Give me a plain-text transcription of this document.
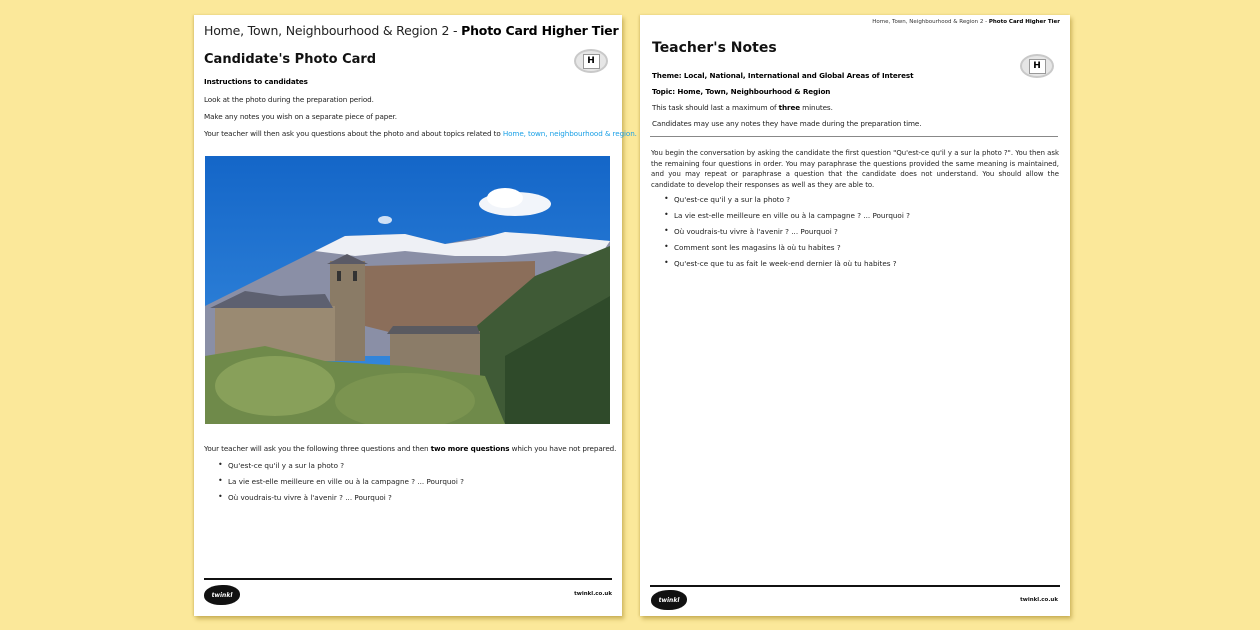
Home, Town, Neighbourhood & Region 2 - Photo Card Higher Tier
Candidate's Photo Card	H
Instructions to candidates
Look at the photo during the preparation period.
Make any notes you wish on a separate piece of paper.
Your teacher will then ask you questions about the photo and about topics related to Home, town, neighbourhood & region.
Your teacher will ask you the following three questions and then two more questions which you have not prepared.
• Qu'est-ce qu'il y a sur la photo ?
• La vie est-elle meilleure en ville ou à la campagne ? ... Pourquoi ?
• Où voudrais-tu vivre à l'avenir ? ... Pourquoi ?
twinkl	twinkl.co.uk
Home, Town, Neighbourhood & Region 2 - Photo Card Higher Tier
Teacher's Notes
H
Theme: Local, National, International and Global Areas of Interest
Topic: Home, Town, Neighbourhood & Region
This task should last a maximum of three minutes.
Candidates may use any notes they have made during the preparation time.
You begin the conversation by asking the candidate the first question "Qu'est-ce qu'il y a sur la photo ?". You then ask the remaining four questions in order. You may paraphrase the questions provided the same meaning is maintained, and you may repeat or paraphrase a question that the candidate does not understand. You should allow the candidate to develop their responses as well as they are able to.
• Qu'est-ce qu'il y a sur la photo ?
• La vie est-elle meilleure en ville ou à la campagne ? ... Pourquoi ?
• Où voudrais-tu vivre à l'avenir ? ... Pourquoi ?
• Comment sont les magasins là où tu habites ?
• Qu'est-ce que tu as fait le week-end dernier là où tu habites ?
twinkl	twinkl.co.uk
